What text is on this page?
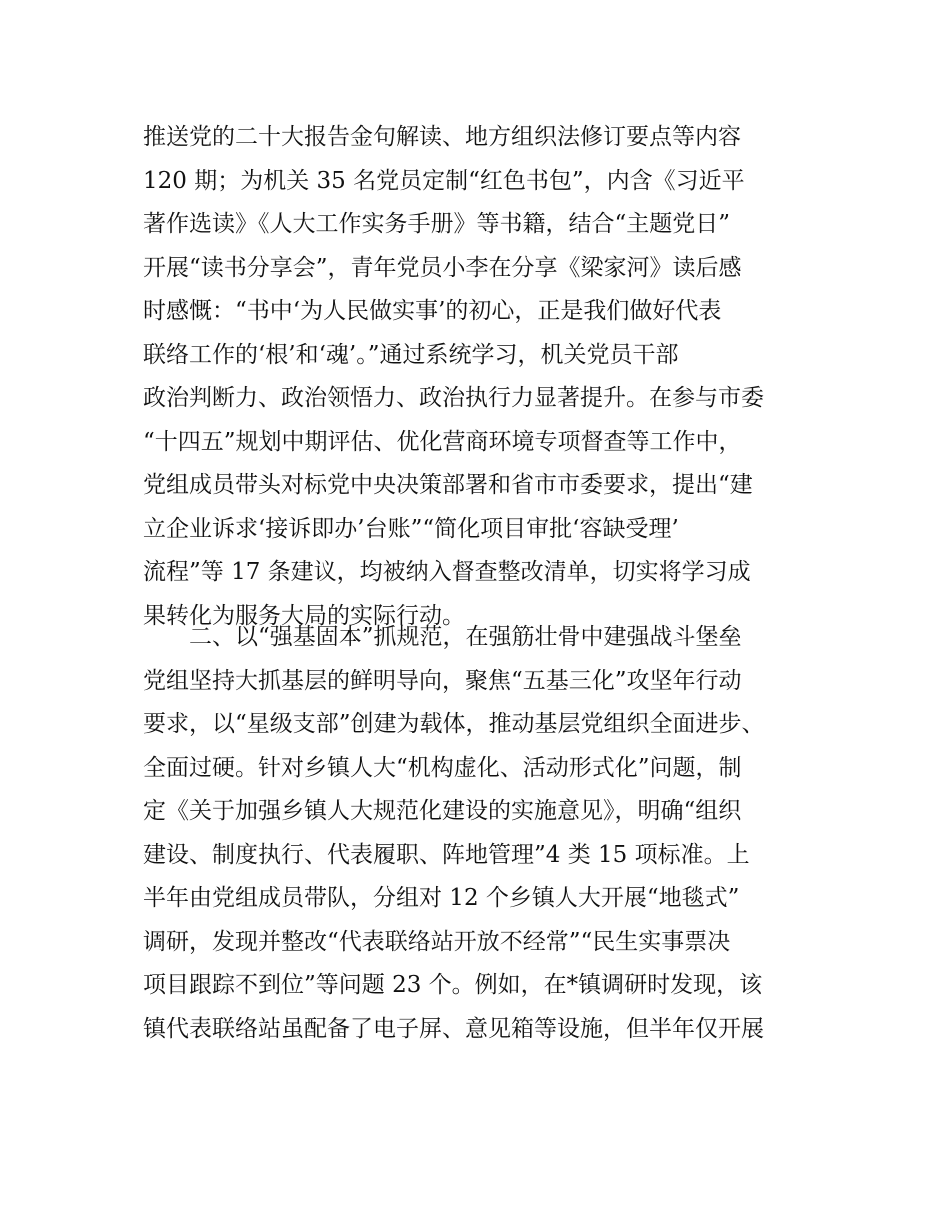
推送党的二十大报告金句解读、地方组织法修订要点等内容
120 期；为机关 35 名党员定制“红色书包”，内含《习近平
著作选读》《人大工作实务手册》等书籍，结合“主题党日”
开展“读书分享会”，青年党员小李在分享《梁家河》读后感
时感慨：“书中‘为人民做实事’的初心，正是我们做好代表
联络工作的‘根’和‘魂’。”通过系统学习，机关党员干部
政治判断力、政治领悟力、政治执行力显著提升。在参与市委
“十四五”规划中期评估、优化营商环境专项督查等工作中，
党组成员带头对标党中央决策部署和省市市委要求，提出“建
立企业诉求‘接诉即办’台账”“简化项目审批‘容缺受理’
流程”等 17 条建议，均被纳入督查整改清单，切实将学习成
果转化为服务大局的实际行动。
　　二、以“强基固本”抓规范，在强筋壮骨中建强战斗堡垒
党组坚持大抓基层的鲜明导向，聚焦“五基三化”攻坚年行动
要求，以“星级支部”创建为载体，推动基层党组织全面进步、
全面过硬。针对乡镇人大“机构虚化、活动形式化”问题，制
定《关于加强乡镇人大规范化建设的实施意见》，明确“组织
建设、制度执行、代表履职、阵地管理”4 类 15 项标准。上
半年由党组成员带队，分组对 12 个乡镇人大开展“地毯式”
调研，发现并整改“代表联络站开放不经常”“民生实事票决
项目跟踪不到位”等问题 23 个。例如，在*镇调研时发现，该
镇代表联络站虽配备了电子屏、意见箱等设施，但半年仅开展
